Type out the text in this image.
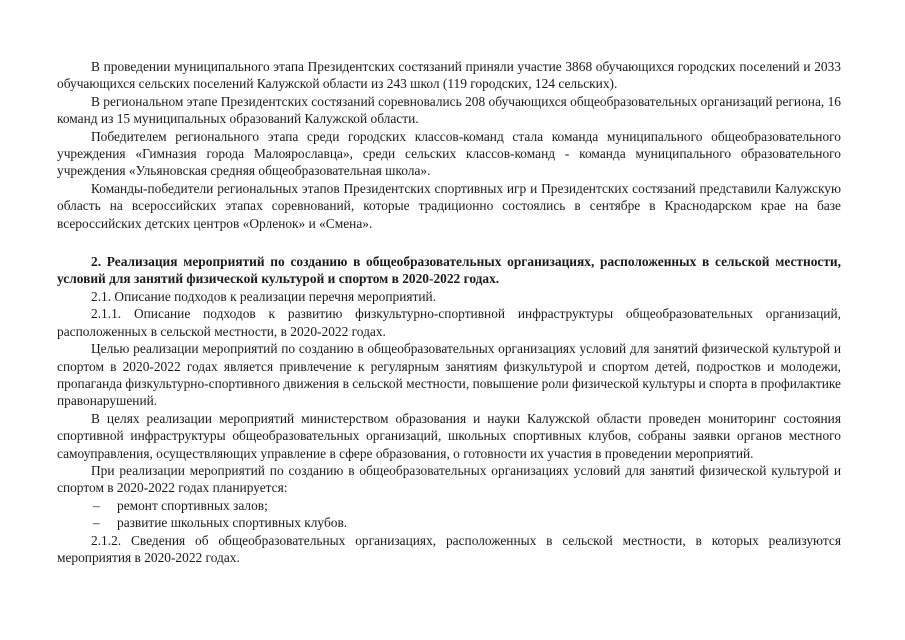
В проведении муниципального этапа Президентских состязаний приняли участие 3868 обучающихся городских поселений и 2033 обучающихся сельских поселений Калужской области из 243 школ (119 городских, 124 сельских).

В региональном этапе Президентских состязаний соревновались 208 обучающихся общеобразовательных организаций региона, 16 команд из 15 муниципальных образований Калужской области.

Победителем регионального этапа среди городских классов-команд стала команда муниципального общеобразовательного учреждения «Гимназия города Малоярославца», среди сельских классов-команд - команда муниципального образовательного учреждения «Ульяновская средняя общеобразовательная школа».

Команды-победители региональных этапов Президентских спортивных игр и Президентских состязаний представили Калужскую область на всероссийских этапах соревнований, которые традиционно состоялись в сентябре в Краснодарском крае на базе всероссийских детских центров «Орленок» и «Смена».

2. Реализация мероприятий по созданию в общеобразовательных организациях, расположенных в сельской местности, условий для занятий физической культурой и спортом в 2020-2022 годах.

2.1. Описание подходов к реализации перечня мероприятий.

2.1.1. Описание подходов к развитию физкультурно-спортивной инфраструктуры общеобразовательных организаций, расположенных в сельской местности, в 2020-2022 годах.

Целью реализации мероприятий по созданию в общеобразовательных организациях условий для занятий физической культурой и спортом в 2020-2022 годах является привлечение к регулярным занятиям физкультурой и спортом детей, подростков и молодежи, пропаганда физкультурно-спортивного движения в сельской местности, повышение роли физической культуры и спорта в профилактике правонарушений.

В целях реализации мероприятий министерством образования и науки Калужской области проведен мониторинг состояния спортивной инфраструктуры общеобразовательных организаций, школьных спортивных клубов, собраны заявки органов местного самоуправления, осуществляющих управление в сфере образования, о готовности их участия в проведении мероприятий.

При реализации мероприятий по созданию в общеобразовательных организациях условий для занятий физической культурой и спортом в 2020-2022 годах планируется:

– ремонт спортивных залов;
– развитие школьных спортивных клубов.

2.1.2. Сведения об общеобразовательных организациях, расположенных в сельской местности, в которых реализуются мероприятия в 2020-2022 годах.
